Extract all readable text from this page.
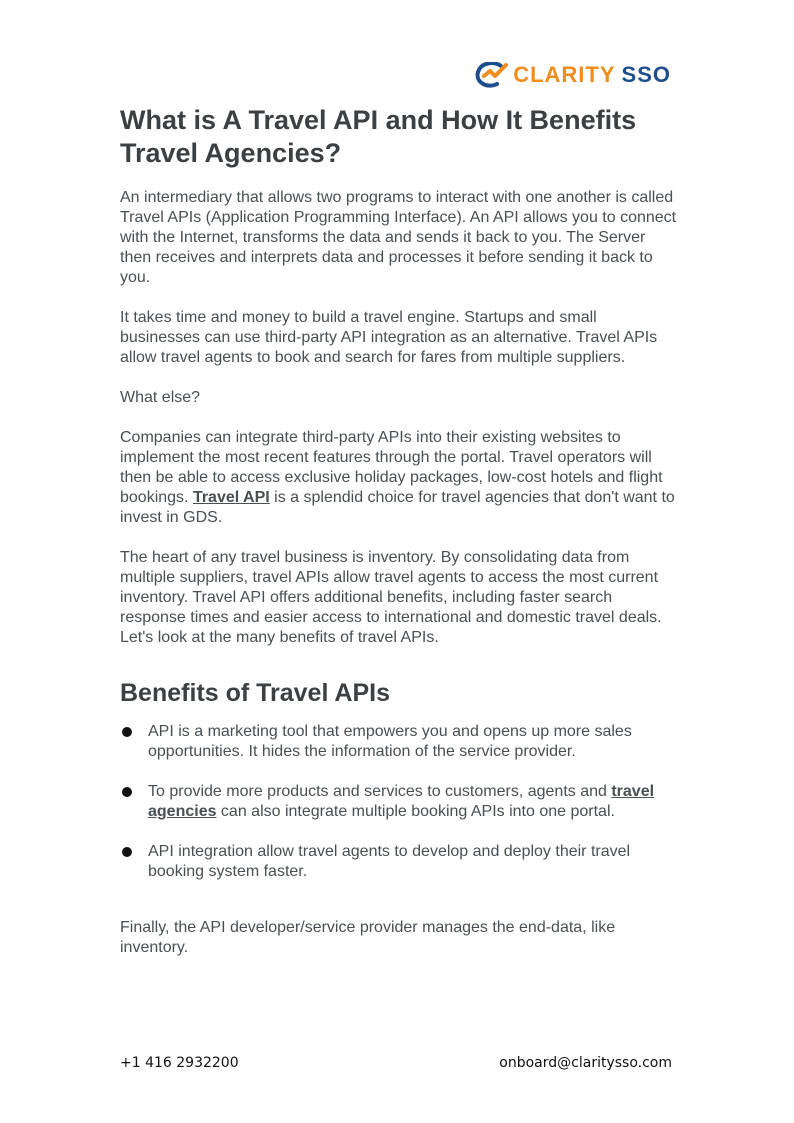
CLARITY SSO
What is A Travel API and How It Benefits Travel Agencies?

An intermediary that allows two programs to interact with one another is called Travel APIs (Application Programming Interface). An API allows you to connect with the Internet, transforms the data and sends it back to you. The Server then receives and interprets data and processes it before sending it back to you.

It takes time and money to build a travel engine. Startups and small businesses can use third-party API integration as an alternative. Travel APIs allow travel agents to book and search for fares from multiple suppliers.

What else?

Companies can integrate third-party APIs into their existing websites to implement the most recent features through the portal. Travel operators will then be able to access exclusive holiday packages, low-cost hotels and flight bookings. Travel API is a splendid choice for travel agencies that don't want to invest in GDS.

The heart of any travel business is inventory. By consolidating data from multiple suppliers, travel APIs allow travel agents to access the most current inventory. Travel API offers additional benefits, including faster search response times and easier access to international and domestic travel deals. Let's look at the many benefits of travel APIs.

Benefits of Travel APIs
API is a marketing tool that empowers you and opens up more sales opportunities. It hides the information of the service provider.
To provide more products and services to customers, agents and travel agencies can also integrate multiple booking APIs into one portal.
API integration allow travel agents to develop and deploy their travel booking system faster.

Finally, the API developer/service provider manages the end-data, like inventory.

+1 416 2932200	onboard@claritysso.com
